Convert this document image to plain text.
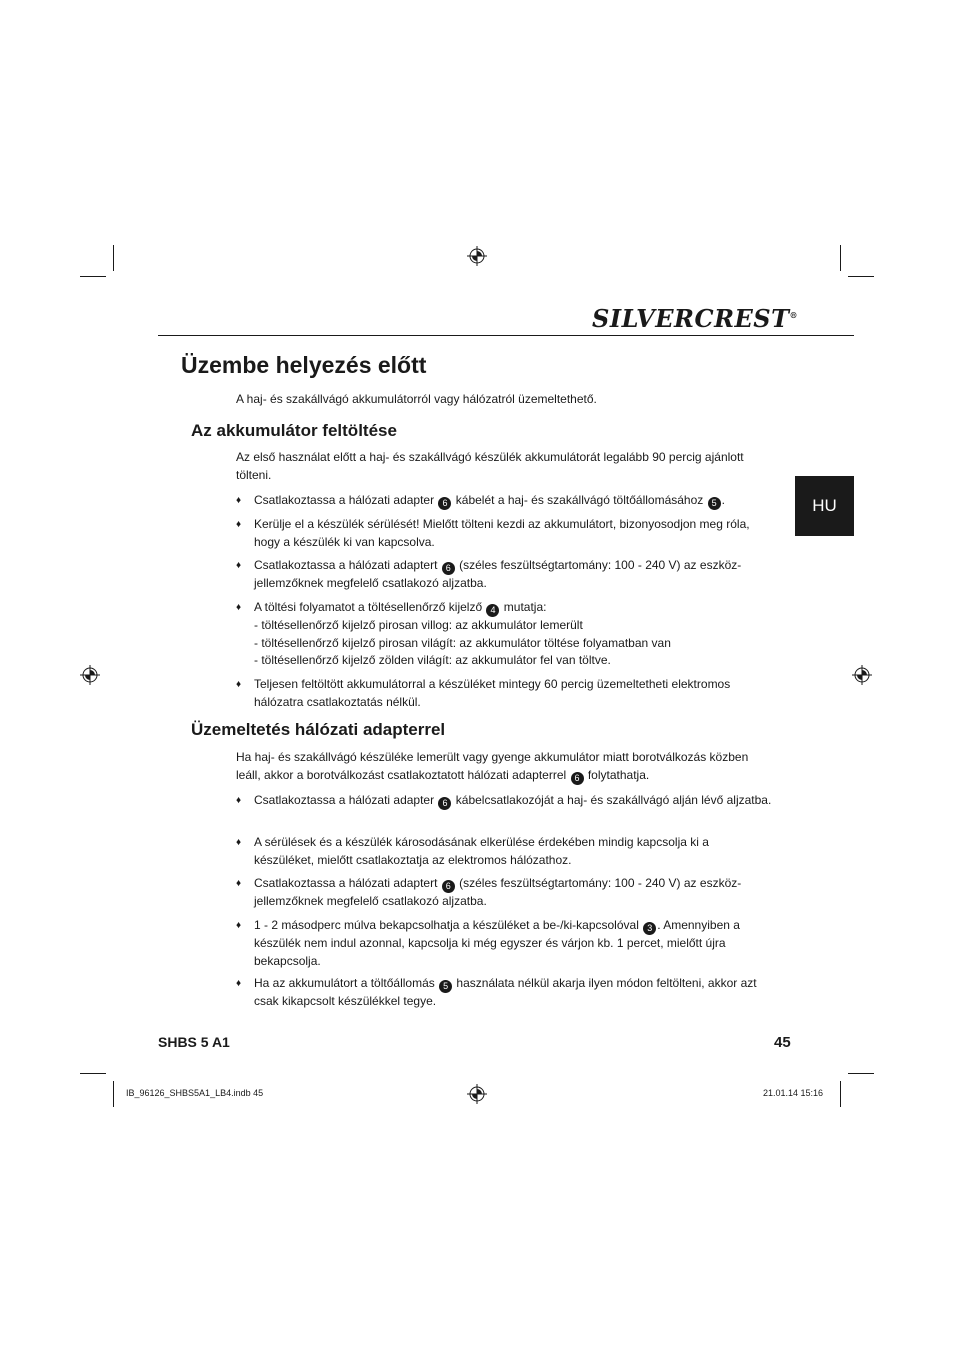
SILVERCREST®
HU
Üzembe helyezés előtt

A haj- és szakállvágó akkumulátorról vagy hálózatról üzemeltethető.

Az akkumulátor feltöltése

Az első használat előtt a haj- és szakállvágó készülék akkumulátorát legalább 90 percig ajánlott tölteni.

♦ Csatlakoztassa a hálózati adapter 6 kábelét a haj- és szakállvágó töltőállomásához 5 .
♦ Kerülje el a készülék sérülését! Mielőtt tölteni kezdi az akkumulátort, bizonyosodjon meg róla, hogy a készülék ki van kapcsolva.
♦ Csatlakoztassa a hálózati adaptert 6 (széles feszültségtartomány: 100 - 240 V) az eszköz-jellemzőknek megfelelő csatlakozó aljzatba.
♦ A töltési folyamatot a töltésellenőrző kijelző 4 mutatja:
- töltésellenőrző kijelző pirosan villog: az akkumulátor lemerült
- töltésellenőrző kijelző pirosan világít: az akkumulátor töltése folyamatban van
- töltésellenőrző kijelző zölden világít: az akkumulátor fel van töltve.
♦ Teljesen feltöltött akkumulátorral a készüléket mintegy 60 percig üzemeltetheti elektromos hálózatra csatlakoztatás nélkül.
Üzemeltetés hálózati adapterrel

Ha haj- és szakállvágó készüléke lemerült vagy gyenge akkumulátor miatt borotválkozás közben leáll, akkor a borotválkozást csatlakoztatott hálózati adapterrel 6 folytathatja.

♦ Csatlakoztassa a hálózati adapter 6 kábelcsatlakozóját a haj- és szakállvágó alján lévő aljzatba.
♦ A sérülések és a készülék károsodásának elkerülése érdekében mindig kapcsolja ki a készüléket, mielőtt csatlakoztatja az elektromos hálózathoz.
♦ Csatlakoztassa a hálózati adaptert 6 (széles feszültségtartomány: 100 - 240 V) az eszköz-jellemzőknek megfelelő csatlakozó aljzatba.
♦ 1 - 2 másodperc múlva bekapcsolhatja a készüléket a be-/ki-kapcsolóval 3 . Amennyiben a készülék nem indul azonnal, kapcsolja ki még egyszer és várjon kb. 1 percet, mielőtt újra bekapcsolja.
♦ Ha az akkumulátort a töltőállomás 5 használata nélkül akarja ilyen módon feltölteni, akkor azt csak kikapcsolt készülékkel tegye.
SHBS 5 A1	45
IB_96126_SHBS5A1_LB4.indb 45	21.01.14 15:16
